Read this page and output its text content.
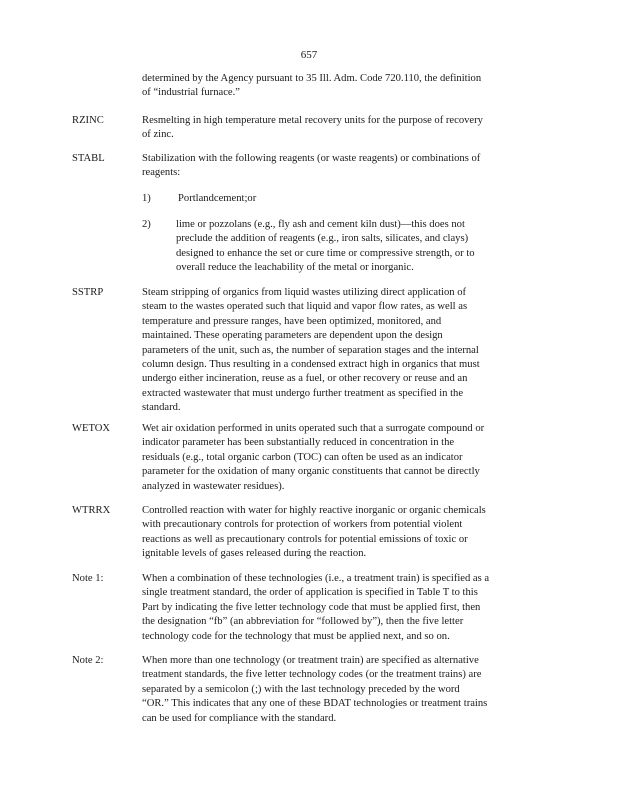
657
determined by the Agency pursuant to 35 Ill. Adm. Code 720.110, the definition
of “industrial furnace.”
RZINC	Resmelting in high temperature metal recovery units for the purpose of recovery
of zinc.
STABL	Stabilization with the following reagents (or waste reagents) or combinations of
reagents:
1)	Portlandcement;or
2) lime or pozzolans (e.g., fly ash and cement kiln dust)—this does not
preclude the addition of reagents (e.g., iron salts, silicates, and clays)
designed to enhance the set or cure time or compressive strength, or to
overall reduce the leachability of the metal or inorganic.
SSTRP	Steam stripping of organics from liquid wastes utilizing direct application of
steam to the wastes operated such that liquid and vapor flow rates, as well as
temperature and pressure ranges, have been optimized, monitored, and
maintained. These operating parameters are dependent upon the design
parameters of the unit, such as, the number of separation stages and the internal
column design. Thus resulting in a condensed extract high in organics that must
undergo either incineration, reuse as a fuel, or other recovery or reuse and an
extracted wastewater that must undergo further treatment as specified in the
standard.
WETOX	Wet air oxidation performed in units operated such that a surrogate compound or
indicator parameter has been substantially reduced in concentration in the
residuals (e.g., total organic carbon (TOC) can often be used as an indicator
parameter for the oxidation of many organic constituents that cannot be directly
analyzed in wastewater residues).
WTRRX	Controlled reaction with water for highly reactive inorganic or organic chemicals
with precautionary controls for protection of workers from potential violent
reactions as well as precautionary controls for potential emissions of toxic or
ignitable levels of gases released during the reaction.
Note 1:	When a combination of these technologies (i.e., a treatment train) is specified as a
single treatment standard, the order of application is specified in Table T to this
Part by indicating the five letter technology code that must be applied first, then
the designation “fb” (an abbreviation for “followed by”), then the five letter
technology code for the technology that must be applied next, and so on.
Note 2:	When more than one technology (or treatment train) are specified as alternative
treatment standards, the five letter technology codes (or the treatment trains) are
separated by a semicolon (;) with the last technology preceded by the word
“OR.” This indicates that any one of these BDAT technologies or treatment trains
can be used for compliance with the standard.
